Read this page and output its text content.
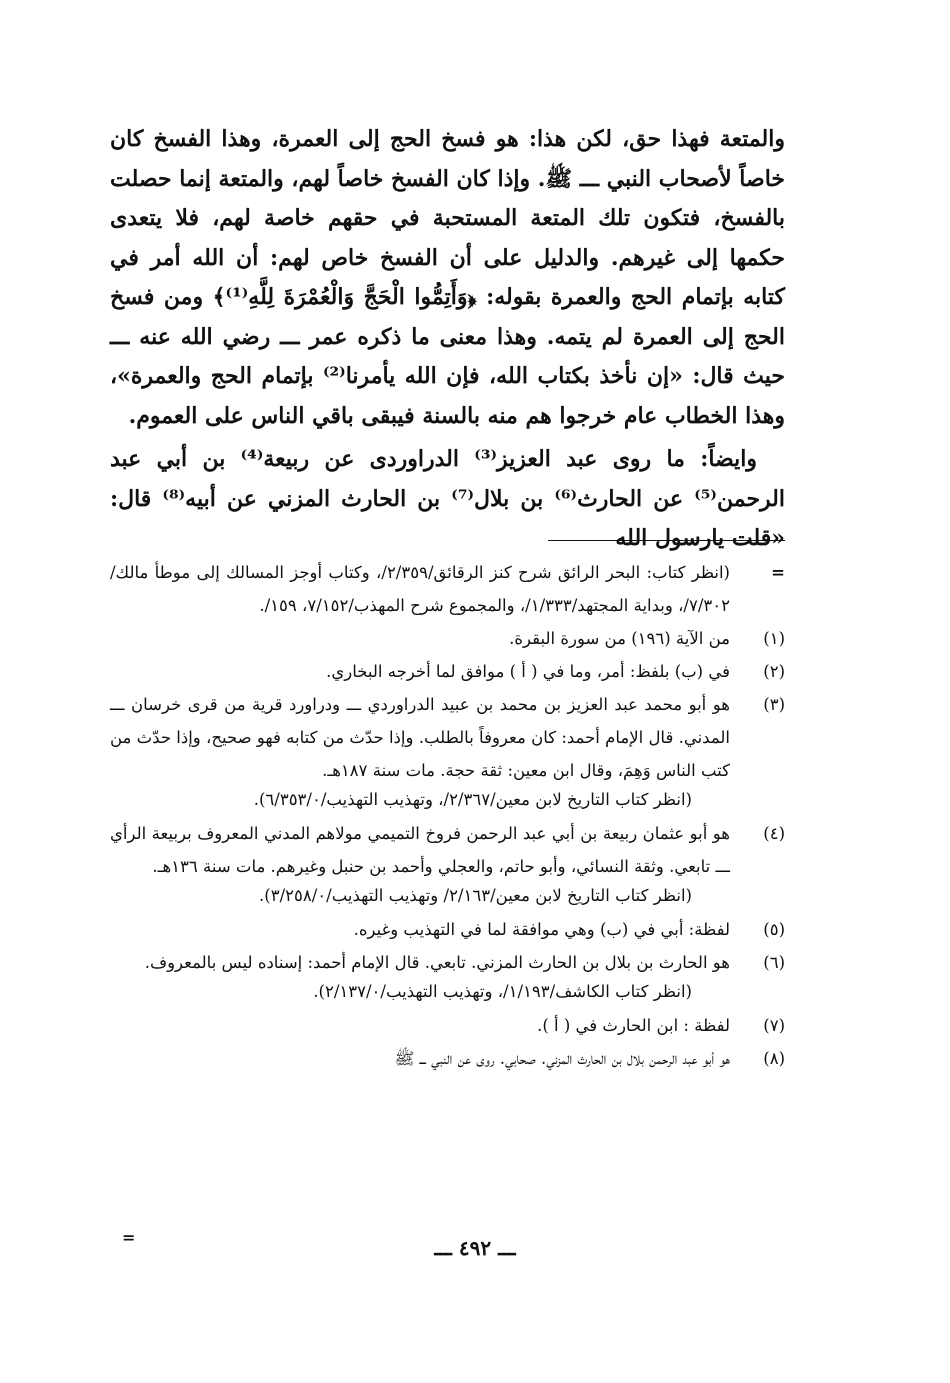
والمتعة فهذا حق، لكن هذا: هو فسخ الحج إلى العمرة، وهذا الفسخ كان خاصاً لأصحاب النبي ـــ ﷺ. وإذا كان الفسخ خاصاً لهم، والمتعة إنما حصلت بالفسخ، فتكون تلك المتعة المستحبة في حقهم خاصة لهم، فلا يتعدى حكمها إلى غيرهم. والدليل على أن الفسخ خاص لهم: أن الله أمر في كتابه بإتمام الحج والعمرة بقوله: ﴿وَأَتِمُّوا الْحَجَّ وَالْعُمْرَةَ لِلَّهِ⁽¹⁾﴾ ومن فسخ الحج إلى العمرة لم يتمه. وهذا معنى ما ذكره عمر ـــ رضي الله عنه ـــ حيث قال: «إن نأخذ بكتاب الله، فإن الله يأمرنا⁽²⁾ بإتمام الحج والعمرة»، وهذا الخطاب عام خرجوا هم منه بالسنة فيبقى باقي الناس على العموم.

وايضاً: ما روى عبد العزيز⁽³⁾ الدراوردى عن ربيعة⁽⁴⁾ بن أبي عبد الرحمن⁽⁵⁾ عن الحارث⁽⁶⁾ بن بلال⁽⁷⁾ بن الحارث المزني عن أبيه⁽⁸⁾ قال: «قلت يارسول الله

=
(انظر كتاب: البحر الرائق شرح كنز الرقائق/٢/٣٥٩/، وكتاب أوجز المسالك إلى موطأ مالك/٧/٣٠٢/، وبداية المجتهد/١/٣٣٣/، والمجموع شرح المهذب/٧/١٥٢، ١٥٩/.
(١)
من الآية (١٩٦) من سورة البقرة.
(٢)
في (ب) بلفظ: أمر، وما في ( أ ) موافق لما أخرجه البخاري.
(٣)
هو أبو محمد عبد العزيز بن محمد بن عبيد الدراوردي ـــ ودراورد قرية من قرى خرسان ـــ المدني. قال الإمام أحمد: كان معروفاً بالطلب. وإذا حدّث من كتابه فهو صحيح، وإذا حدّث من كتب الناس وَهِمَ، وقال ابن معين: ثقة حجة. مات سنة ١٨٧هـ.
(انظر كتاب التاريخ لابن معين/٢/٣٦٧/، وتهذيب التهذيب/٦/٣٥٣/٠).
(٤)
هو أبو عثمان ربيعة بن أبي عبد الرحمن فروخ التميمي مولاهم المدني المعروف بربيعة الرأي ـــ تابعي. وثقة النسائي، وأبو حاتم، والعجلي وأحمد بن حنبل وغيرهم. مات سنة ١٣٦هـ.
(انظر كتاب التاريخ لابن معين/٢/١٦٣/ وتهذيب التهذيب/٣/٢٥٨/٠).
(٥)
لفظة: أبي في (ب) وهي موافقة لما في التهذيب وغيره.
(٦)
هو الحارث بن بلال بن الحارث المزني. تابعي. قال الإمام أحمد: إسناده ليس بالمعروف.
(انظر كتاب الكاشف/١/١٩٣/، وتهذيب التهذيب/٢/١٣٧/٠).
(٧)
لفظة : ابن الحارث في ( أ ).
(٨)
هو أبو عبد الرحمن بلال بن الحارث المزني. صحابي. روى عن النبي ـــ ﷺ
=	ـــ ٤٩٢ ـــ
